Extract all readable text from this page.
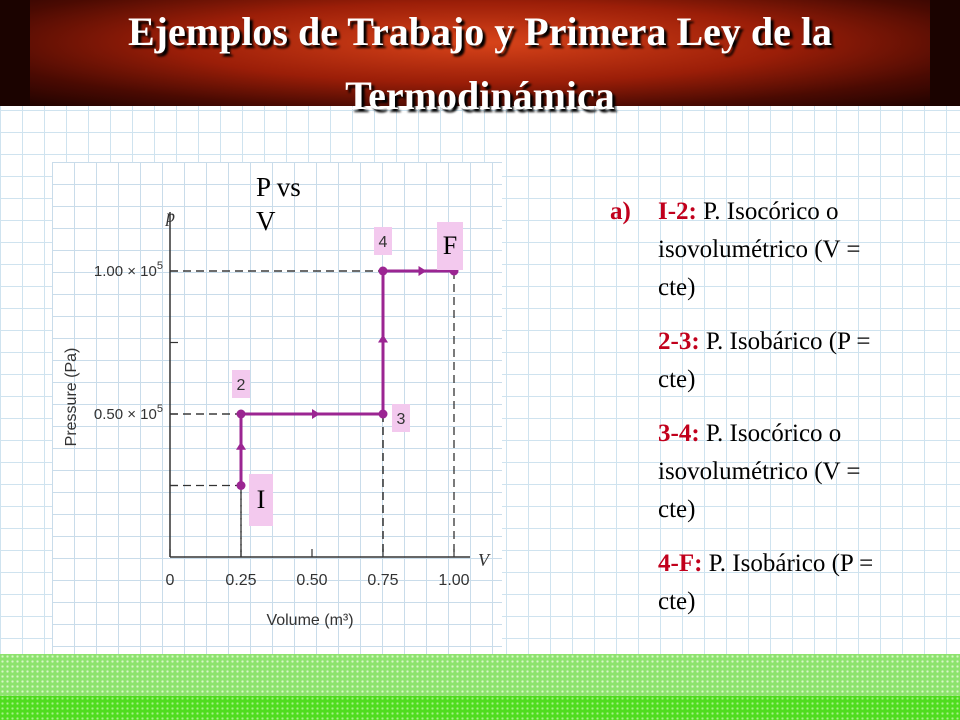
Ejemplos de Trabajo y Primera Ley de la
Termodinámica
p
V
0	0.25 0.50 0.75 1.00
$0.50 \times 10^5$
$1.00 \times 10^5$
Volume (m³)
Pressure (Pa)	2
3
4
P vs V
I
F
a) I-2: P. Isocórico o isovolumétrico (V = cte)
2-3: P. Isobárico (P = cte)
3-4: P. Isocórico o isovolumétrico (V = cte)
4-F: P. Isobárico (P = cte)
